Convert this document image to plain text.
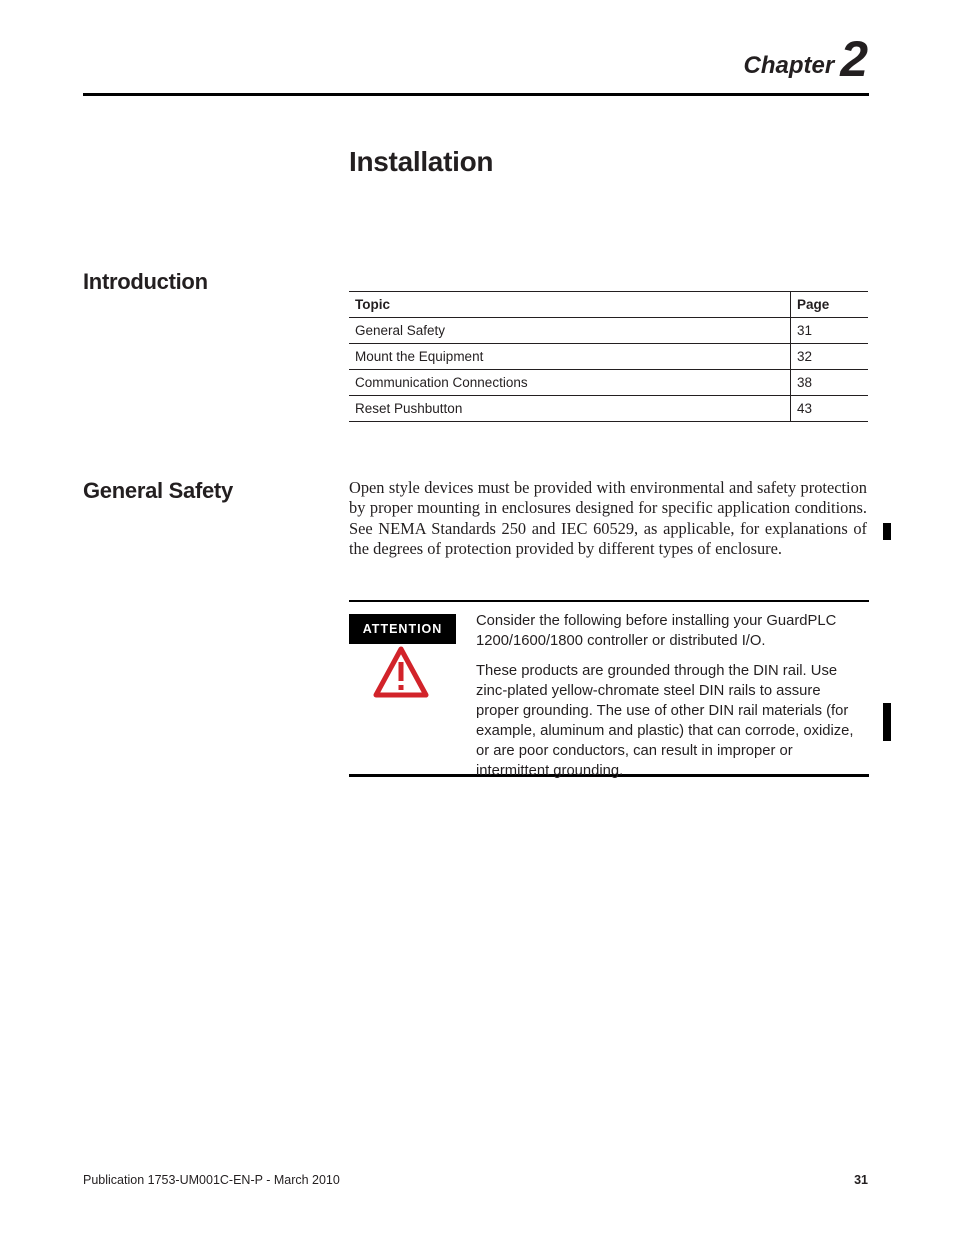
Chapter 2
Installation
Introduction
Topic	Page
General Safety	31
Mount the Equipment	32
Communication Connections	38
Reset Pushbutton	43
General Safety	Open style devices must be provided with environmental and safety protection by proper mounting in enclosures designed for specific application conditions. See NEMA Standards 250 and IEC 60529, as applicable, for explanations of the degrees of protection provided by different types of enclosure.

ATTENTION	Consider the following before installing your GuardPLC 1200/1600/1800 controller or distributed I/O.

These products are grounded through the DIN rail. Use zinc-plated yellow-chromate steel DIN rails to assure proper grounding. The use of other DIN rail materials (for example, aluminum and plastic) that can corrode, oxidize, or are poor conductors, can result in improper or intermittent grounding.

Publication 1753-UM001C-EN-P - March 2010	31
